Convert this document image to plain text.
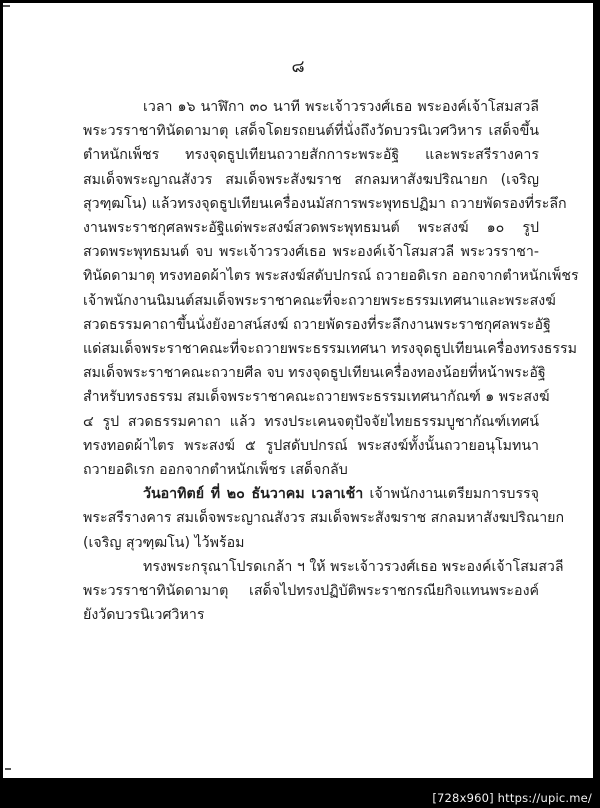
๘
เวลา ๑๖ นาฬิกา ๓๐ นาที พระเจ้าวรวงศ์เธอ พระองค์เจ้าโสมสวลี
พระวรราชาทินัดดามาตุ เสด็จโดยรถยนต์ที่นั่งถึงวัดบวรนิเวศวิหาร เสด็จขึ้น
ตำหนักเพ็ชร ทรงจุดธูปเทียนถวายสักการะพระอัฐิ และพระสรีรางคาร
สมเด็จพระญาณสังวร สมเด็จพระสังฆราช สกลมหาสังฆปริณายก (เจริญ
สุวฑฺฒโน) แล้วทรงจุดธูปเทียนเครื่องนมัสการพระพุทธปฏิมา ถวายพัดรองที่ระลึก
งานพระราชกุศลพระอัฐิแด่พระสงฆ์สวดพระพุทธมนต์ พระสงฆ์ ๑๐ รูป
สวดพระพุทธมนต์ จบ พระเจ้าวรวงศ์เธอ พระองค์เจ้าโสมสวลี พระวรราชา-
ทินัดดามาตุ ทรงทอดผ้าไตร พระสงฆ์สดับปกรณ์ ถวายอดิเรก ออกจากตำหนักเพ็ชร
เจ้าพนักงานนิมนต์สมเด็จพระราชาคณะที่จะถวายพระธรรมเทศนาและพระสงฆ์
สวดธรรมคาถาขึ้นนั่งยังอาสน์สงฆ์ ถวายพัดรองที่ระลึกงานพระราชกุศลพระอัฐิ
แด่สมเด็จพระราชาคณะที่จะถวายพระธรรมเทศนา ทรงจุดธูปเทียนเครื่องทรงธรรม
สมเด็จพระราชาคณะถวายศีล จบ ทรงจุดธูปเทียนเครื่องทองน้อยที่หน้าพระอัฐิ
สำหรับทรงธรรม สมเด็จพระราชาคณะถวายพระธรรมเทศนากัณฑ์ ๑ พระสงฆ์
๔ รูป สวดธรรมคาถา แล้ว ทรงประเคนจตุปัจจัยไทยธรรมบูชากัณฑ์เทศน์
ทรงทอดผ้าไตร พระสงฆ์ ๕ รูปสดับปกรณ์ พระสงฆ์ทั้งนั้นถวายอนุโมทนา
ถวายอดิเรก ออกจากตำหนักเพ็ชร เสด็จกลับ
วันอาทิตย์ ที่ ๒๐ ธันวาคม เวลาเช้า เจ้าพนักงานเตรียมการบรรจุ
พระสรีรางคาร สมเด็จพระญาณสังวร สมเด็จพระสังฆราช สกลมหาสังฆปริณายก
(เจริญ สุวฑฺฒโน) ไว้พร้อม
ทรงพระกรุณาโปรดเกล้า ฯ ให้ พระเจ้าวรวงศ์เธอ พระองค์เจ้าโสมสวลี
พระวรราชาทินัดดามาตุ เสด็จไปทรงปฏิบัติพระราชกรณียกิจแทนพระองค์
ยังวัดบวรนิเวศวิหาร
[728x960] https://upic.me/
